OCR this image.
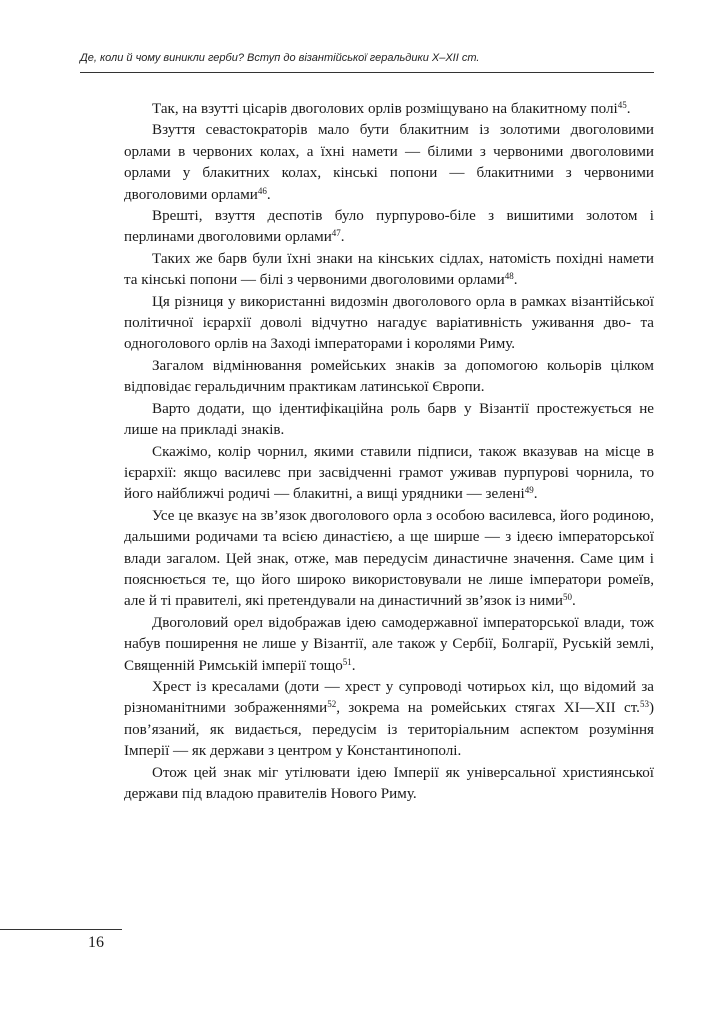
Де, коли й чому виникли герби? Вступ до візантійської геральдики X–XII ст.

Так, на взутті цісарів двоголових орлів розміщувано на блакитному полі$^{45}$.

Взуття севастократорів мало бути блакитним із золотими двоголовими орлами в червоних колах, а їхні намети — білими з червоними двоголовими орлами у блакитних колах, кінські попони — блакитними з червоними двоголовими орлами$^{46}$.

Врешті, взуття деспотів було пурпурово-біле з вишитими золотом і перлинами двоголовими орлами$^{47}$.

Таких же барв були їхні знаки на кінських сідлах, натомість похідні намети та кінські попони — білі з червоними двоголовими орлами$^{48}$.

Ця різниця у використанні видозмін двоголового орла в рамках візантійської політичної ієрархії доволі відчутно нагадує варіативність уживання дво- та одноголового орлів на Заході імператорами і королями Риму.

Загалом відмінювання ромейських знаків за допомогою кольорів цілком відповідає геральдичним практикам латинської Європи.

Варто додати, що ідентифікаційна роль барв у Візантії простежується не лише на прикладі знаків.

Скажімо, колір чорнил, якими ставили підписи, також вказував на місце в ієрархії: якщо василевс при засвідченні грамот уживав пурпурові чорнила, то його найближчі родичі — блакитні, а вищі урядники — зелені$^{49}$.

Усе це вказує на зв’язок двоголового орла з особою василевса, його родиною, дальшими родичами та всією династією, а ще ширше — з ідеєю імператорської влади загалом. Цей знак, отже, мав передусім династичне значення. Саме цим і пояснюється те, що його широко використовували не лише імператори ромеїв, але й ті правителі, які претендували на династичний зв’язок із ними$^{50}$.

Двоголовий орел відображав ідею самодержавної імператорської влади, тож набув поширення не лише у Візантії, але також у Сербії, Болгарії, Руській землі, Священній Римській імперії тощо$^{51}$.

Хрест із кресалами (доти — хрест у супроводі чотирьох кіл, що відомий за різноманітними зображеннями$^{52}$, зокрема на ромейських стягах XI—XII ст.$^{53}$) пов’язаний, як видається, передусім із територіальним аспектом розуміння Імперії — як держави з центром у Константинополі.

Отож цей знак міг утілювати ідею Імперії як універсальної християнської держави під владою правителів Нового Риму.

16
